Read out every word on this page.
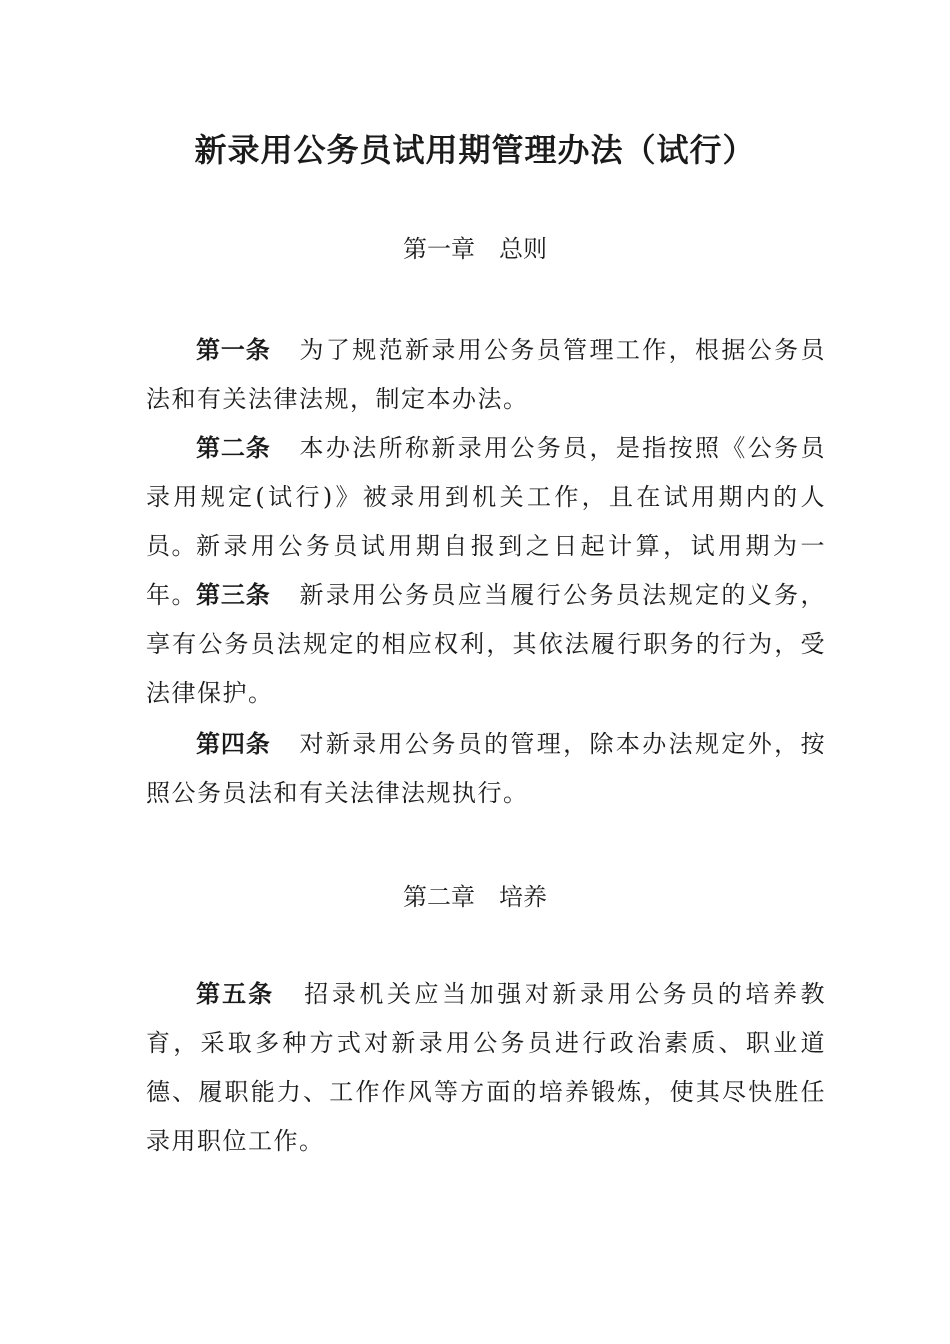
新录用公务员试用期管理办法（试行）
第一章 总则
第一条 为了规范新录用公务员管理工作，根据公务员法和有关法律法规，制定本办法。
第二条 本办法所称新录用公务员，是指按照《公务员录用规定(试行)》被录用到机关工作，且在试用期内的人员。 新录用公务员试用期自报到之日起计算，试用期为一年。 第三条 新录用公务员应当履行公务员法规定的义务，享有公务员法规定的相应权利，其依法履行职务的行为，受法律保护。
第四条 对新录用公务员的管理，除本办法规定外，按照公务员法和有关法律法规执行。
第二章 培养
第五条 招录机关应当加强对新录用公务员的培养教育，采取多种方式对新录用公务员进行政治素质、职业道德、履职能力、工作作风等方面的培养锻炼，使其尽快胜任录用职位工作。
